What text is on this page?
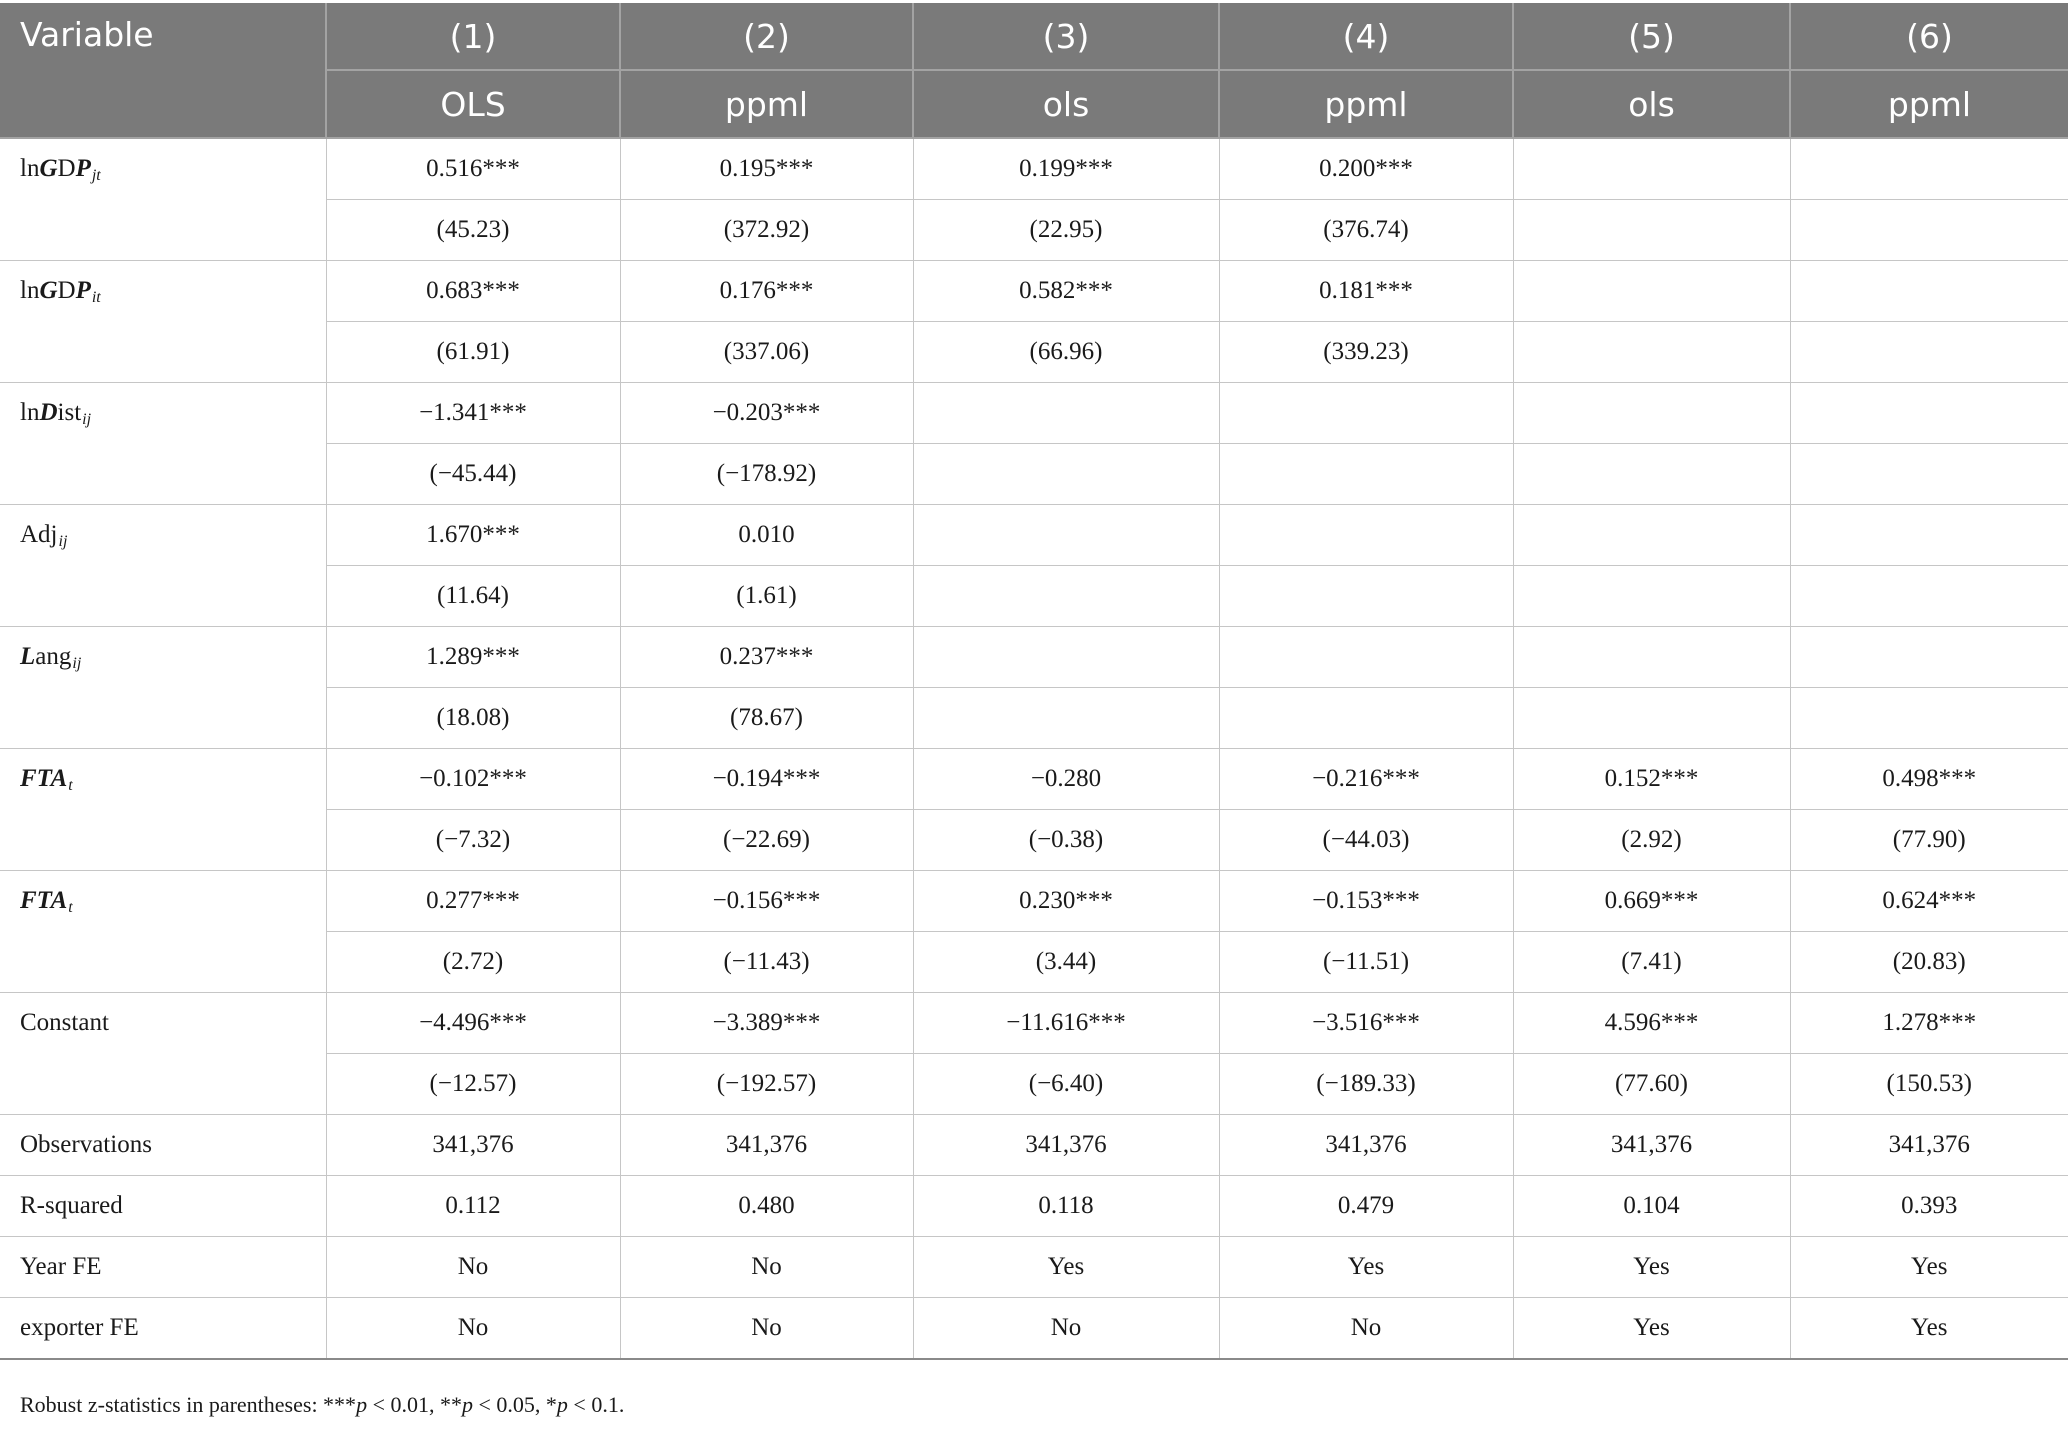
Variable	(1)	(2)	(3)	(4)	(5)	(6)
	OLS	ppml	ols	ppml	ols	ppml
lnGDP$_{jt}$	0.516***	0.195***	0.199***	0.200***		
	(45.23)	(372.92)	(22.95)	(376.74)		
lnGDP$_{it}$	0.683***	0.176***	0.582***	0.181***		
	(61.91)	(337.06)	(66.96)	(339.23)		
lnDist$_{ij}$	−1.341***	−0.203***				
	(−45.44)	(−178.92)				
Adj$_{ij}$	1.670***	0.010				
	(11.64)	(1.61)				
Lang$_{ij}$	1.289***	0.237***				
	(18.08)	(78.67)				
$FTA_t$	−0.102***	−0.194***	−0.280	−0.216***	0.152***	0.498***
	(−7.32)	(−22.69)	(−0.38)	(−44.03)	(2.92)	(77.90)
$FTA_t$	0.277***	−0.156***	0.230***	−0.153***	0.669***	0.624***
	(2.72)	(−11.43)	(3.44)	(−11.51)	(7.41)	(20.83)
Constant	−4.496***	−3.389***	−11.616***	−3.516***	4.596***	1.278***
	(−12.57)	(−192.57)	(−6.40)	(−189.33)	(77.60)	(150.53)
Observations	341,376	341,376	341,376	341,376	341,376	341,376
R-squared	0.112	0.480	0.118	0.479	0.104	0.393
Year FE	No	No	Yes	Yes	Yes	Yes
exporter FE	No	No	No	No	Yes	Yes
Robust z-statistics in parentheses: ***p < 0.01, **p < 0.05, *p < 0.1.
